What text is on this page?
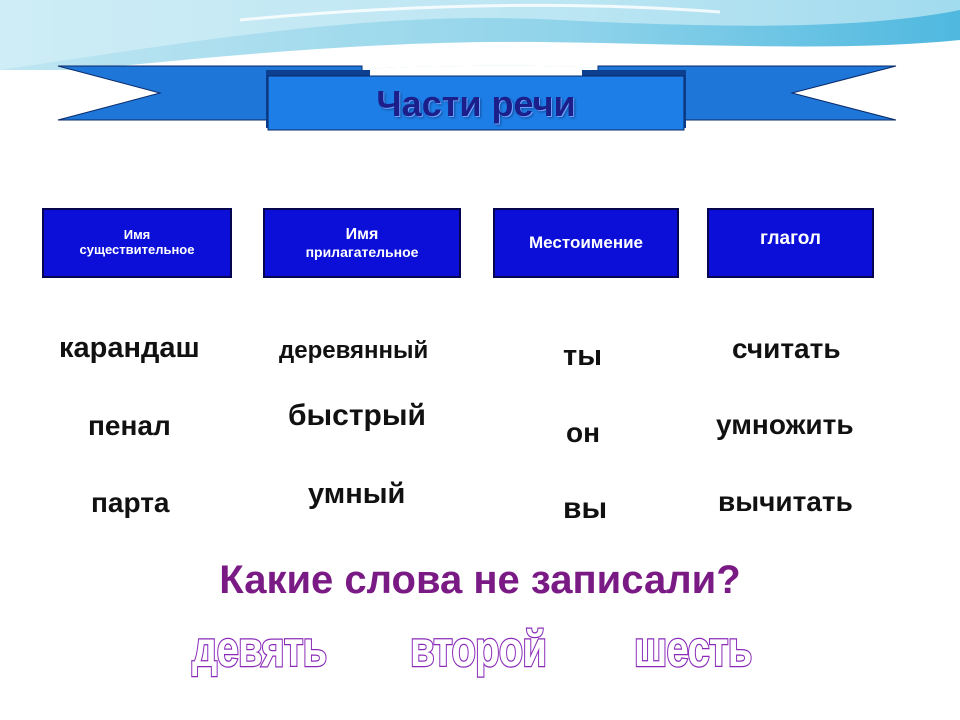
Части речи
Имя
существительное
Имя
прилагательное	Местоимение	глагол
карандаш
пенал
парта
деревянный
быстрый
умный
ты
он
вы
считать
умножить
вычитать
Какие слова не записали?
девять второй шесть
